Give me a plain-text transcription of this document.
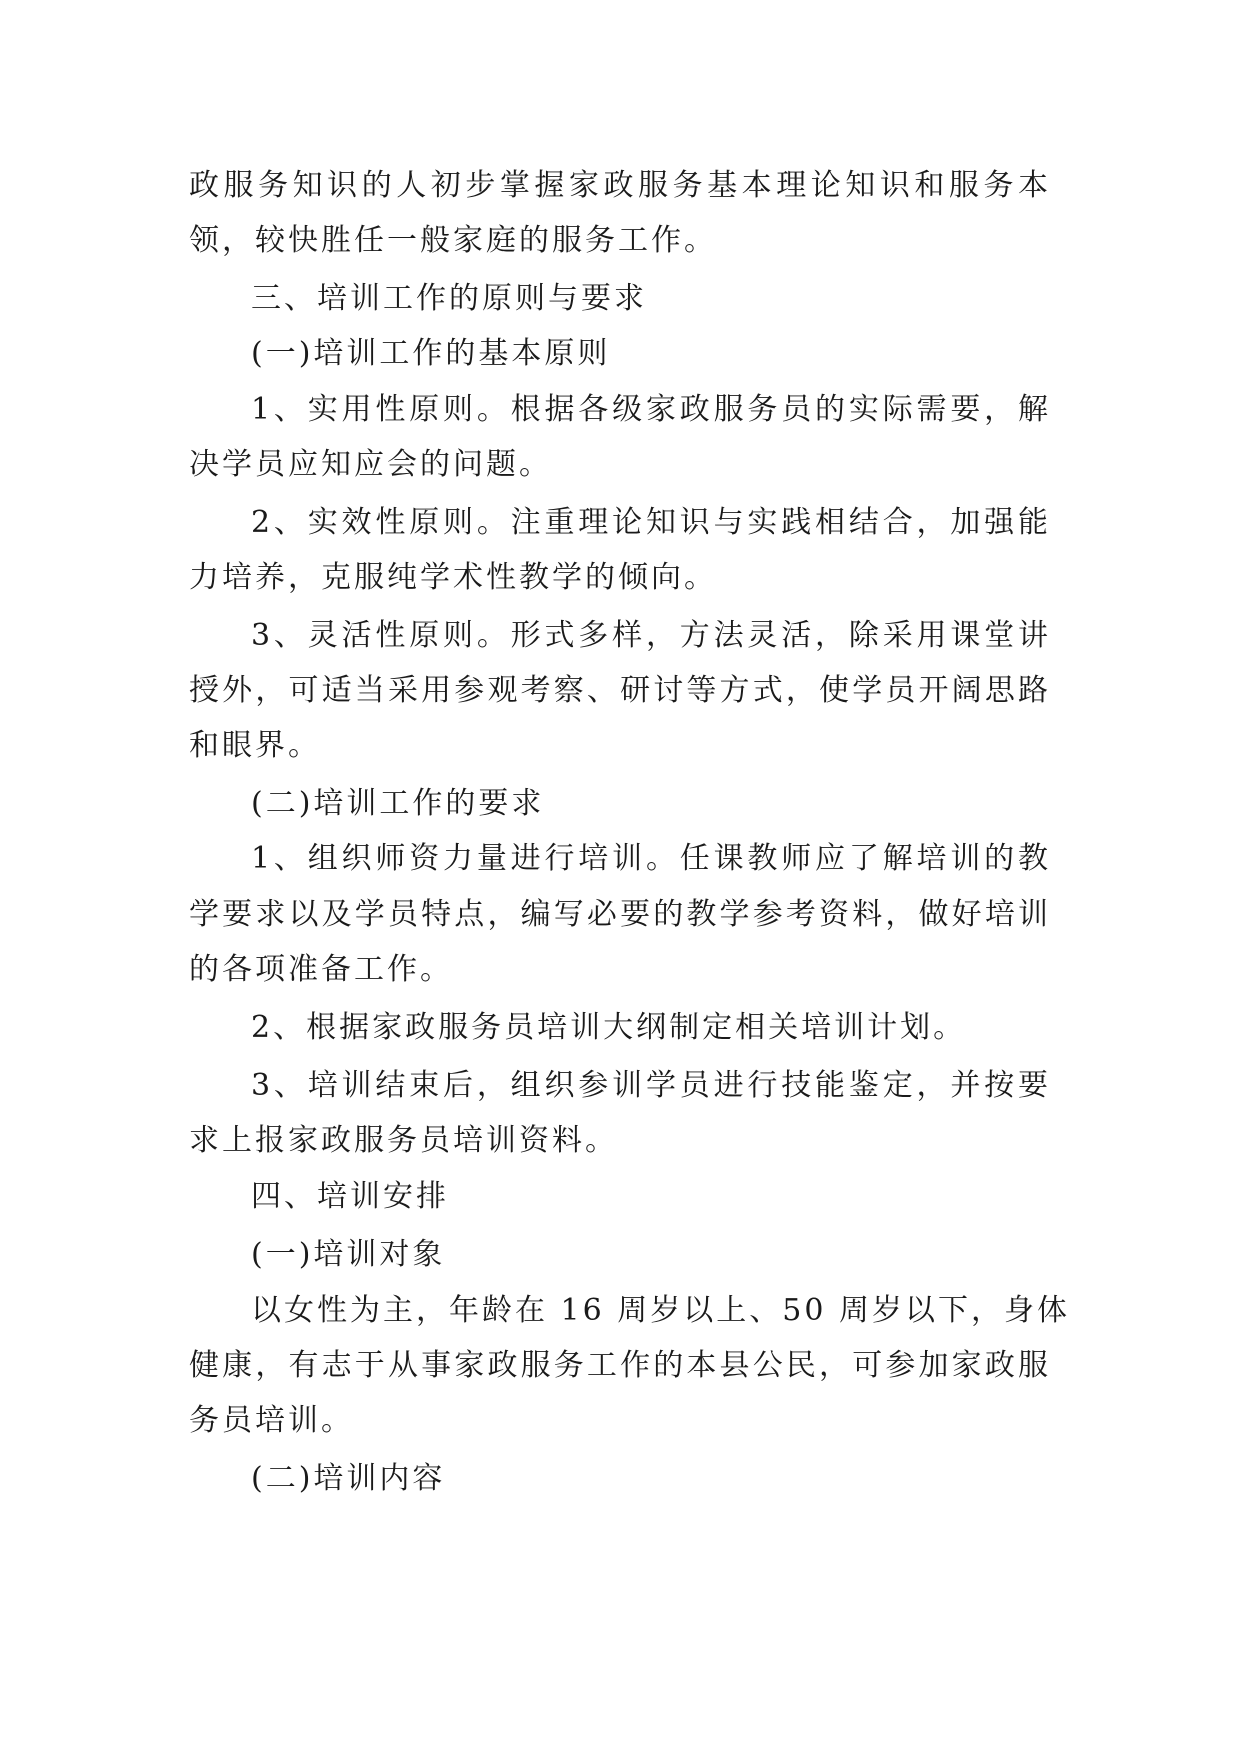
政服务知识的人初步掌握家政服务基本理论知识和服务本
领，较快胜任一般家庭的服务工作。
三、培训工作的原则与要求
(一)培训工作的基本原则
1、实用性原则。根据各级家政服务员的实际需要，解
决学员应知应会的问题。
2、实效性原则。注重理论知识与实践相结合，加强能
力培养，克服纯学术性教学的倾向。
3、灵活性原则。形式多样，方法灵活，除采用课堂讲
授外，可适当采用参观考察、研讨等方式，使学员开阔思路
和眼界。
(二)培训工作的要求
1、组织师资力量进行培训。任课教师应了解培训的教
学要求以及学员特点，编写必要的教学参考资料，做好培训
的各项准备工作。
2、根据家政服务员培训大纲制定相关培训计划。
3、培训结束后，组织参训学员进行技能鉴定，并按要
求上报家政服务员培训资料。
四、培训安排
(一)培训对象
以女性为主，年龄在 16 周岁以上、50 周岁以下，身体
健康，有志于从事家政服务工作的本县公民，可参加家政服
务员培训。
(二)培训内容
